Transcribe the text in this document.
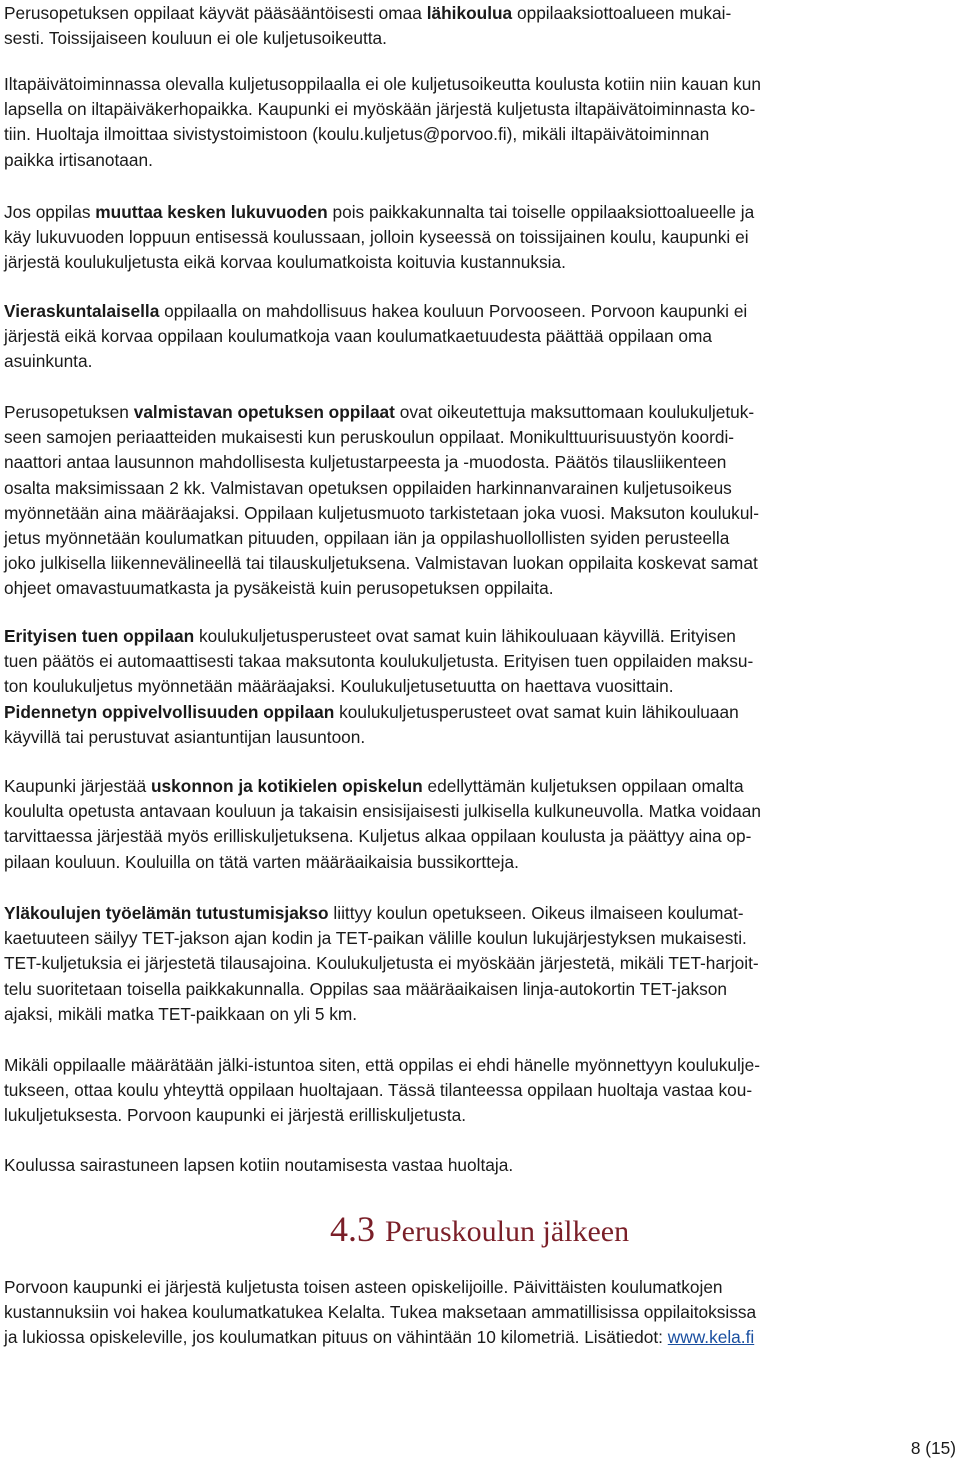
Perusopetuksen oppilaat käyvät pääsääntöisesti omaa lähikoulua oppilaaksiottoalueen mukai-
sesti. Toissijaiseen kouluun ei ole kuljetusoikeutta.

Iltapäivätoiminnassa olevalla kuljetusoppilaalla ei ole kuljetusoikeutta koulusta kotiin niin kauan kun
lapsella on iltapäiväkerhopaikka. Kaupunki ei myöskään järjestä kuljetusta iltapäivätoiminnasta ko-
tiin. Huoltaja ilmoittaa sivistystoimistoon (koulu.kuljetus@porvoo.fi), mikäli iltapäivätoiminnan
paikka irtisanotaan.

Jos oppilas muuttaa kesken lukuvuoden pois paikkakunnalta tai toiselle oppilaaksiottoalueelle ja
käy lukuvuoden loppuun entisessä koulussaan, jolloin kyseessä on toissijainen koulu, kaupunki ei
järjestä koulukuljetusta eikä korvaa koulumatkoista koituvia kustannuksia.

Vieraskuntalaisella oppilaalla on mahdollisuus hakea kouluun Porvooseen. Porvoon kaupunki ei
järjestä eikä korvaa oppilaan koulumatkoja vaan koulumatkaetuudesta päättää oppilaan oma
asuinkunta.

Perusopetuksen valmistavan opetuksen oppilaat ovat oikeutettuja maksuttomaan koulukuljetuk-
seen samojen periaatteiden mukaisesti kun peruskoulun oppilaat. Monikulttuurisuustyön koordi-
naattori antaa lausunnon mahdollisesta kuljetustarpeesta ja -muodosta. Päätös tilausliikenteen
osalta maksimissaan 2 kk. Valmistavan opetuksen oppilaiden harkinnanvarainen kuljetusoikeus
myönnetään aina määräajaksi. Oppilaan kuljetusmuoto tarkistetaan joka vuosi. Maksuton koulukul-
jetus myönnetään koulumatkan pituuden, oppilaan iän ja oppilashuollollisten syiden perusteella
joko julkisella liikennevälineellä tai tilauskuljetuksena. Valmistavan luokan oppilaita koskevat samat
ohjeet omavastuumatkasta ja pysäkeistä kuin perusopetuksen oppilaita.

Erityisen tuen oppilaan koulukuljetusperusteet ovat samat kuin lähikouluaan käyvillä. Erityisen
tuen päätös ei automaattisesti takaa maksutonta koulukuljetusta. Erityisen tuen oppilaiden maksu-
ton koulukuljetus myönnetään määräajaksi. Koulukuljetusetuutta on haettava vuosittain.
Pidennetyn oppivelvollisuuden oppilaan koulukuljetusperusteet ovat samat kuin lähikouluaan
käyvillä tai perustuvat asiantuntijan lausuntoon.

Kaupunki järjestää uskonnon ja kotikielen opiskelun edellyttämän kuljetuksen oppilaan omalta
koululta opetusta antavaan kouluun ja takaisin ensisijaisesti julkisella kulkuneuvolla. Matka voidaan
tarvittaessa järjestää myös erilliskuljetuksena. Kuljetus alkaa oppilaan koulusta ja päättyy aina op-
pilaan kouluun. Kouluilla on tätä varten määräaikaisia bussikortteja.

Yläkoulujen työelämän tutustumisjakso liittyy koulun opetukseen. Oikeus ilmaiseen koulumat-
kaetuuteen säilyy TET-jakson ajan kodin ja TET-paikan välille koulun lukujärjestyksen mukaisesti.
TET-kuljetuksia ei järjestetä tilausajoina. Koulukuljetusta ei myöskään järjestetä, mikäli TET-harjoit-
telu suoritetaan toisella paikkakunnalla. Oppilas saa määräaikaisen linja-autokortin TET-jakson
ajaksi, mikäli matka TET-paikkaan on yli 5 km.

Mikäli oppilaalle määrätään jälki-istuntoa siten, että oppilas ei ehdi hänelle myönnettyyn koulukulje-
tukseen, ottaa koulu yhteyttä oppilaan huoltajaan. Tässä tilanteessa oppilaan huoltaja vastaa kou-
lukuljetuksesta. Porvoon kaupunki ei järjestä erilliskuljetusta.

Koulussa sairastuneen lapsen kotiin noutamisesta vastaa huoltaja.

4.3 Peruskoulun jälkeen

Porvoon kaupunki ei järjestä kuljetusta toisen asteen opiskelijoille. Päivittäisten koulumatkojen
kustannuksiin voi hakea koulumatkatukea Kelalta. Tukea maksetaan ammatillisissa oppilaitoksissa
ja lukiossa opiskeleville, jos koulumatkan pituus on vähintään 10 kilometriä. Lisätiedot: www.kela.fi

8 (15)
